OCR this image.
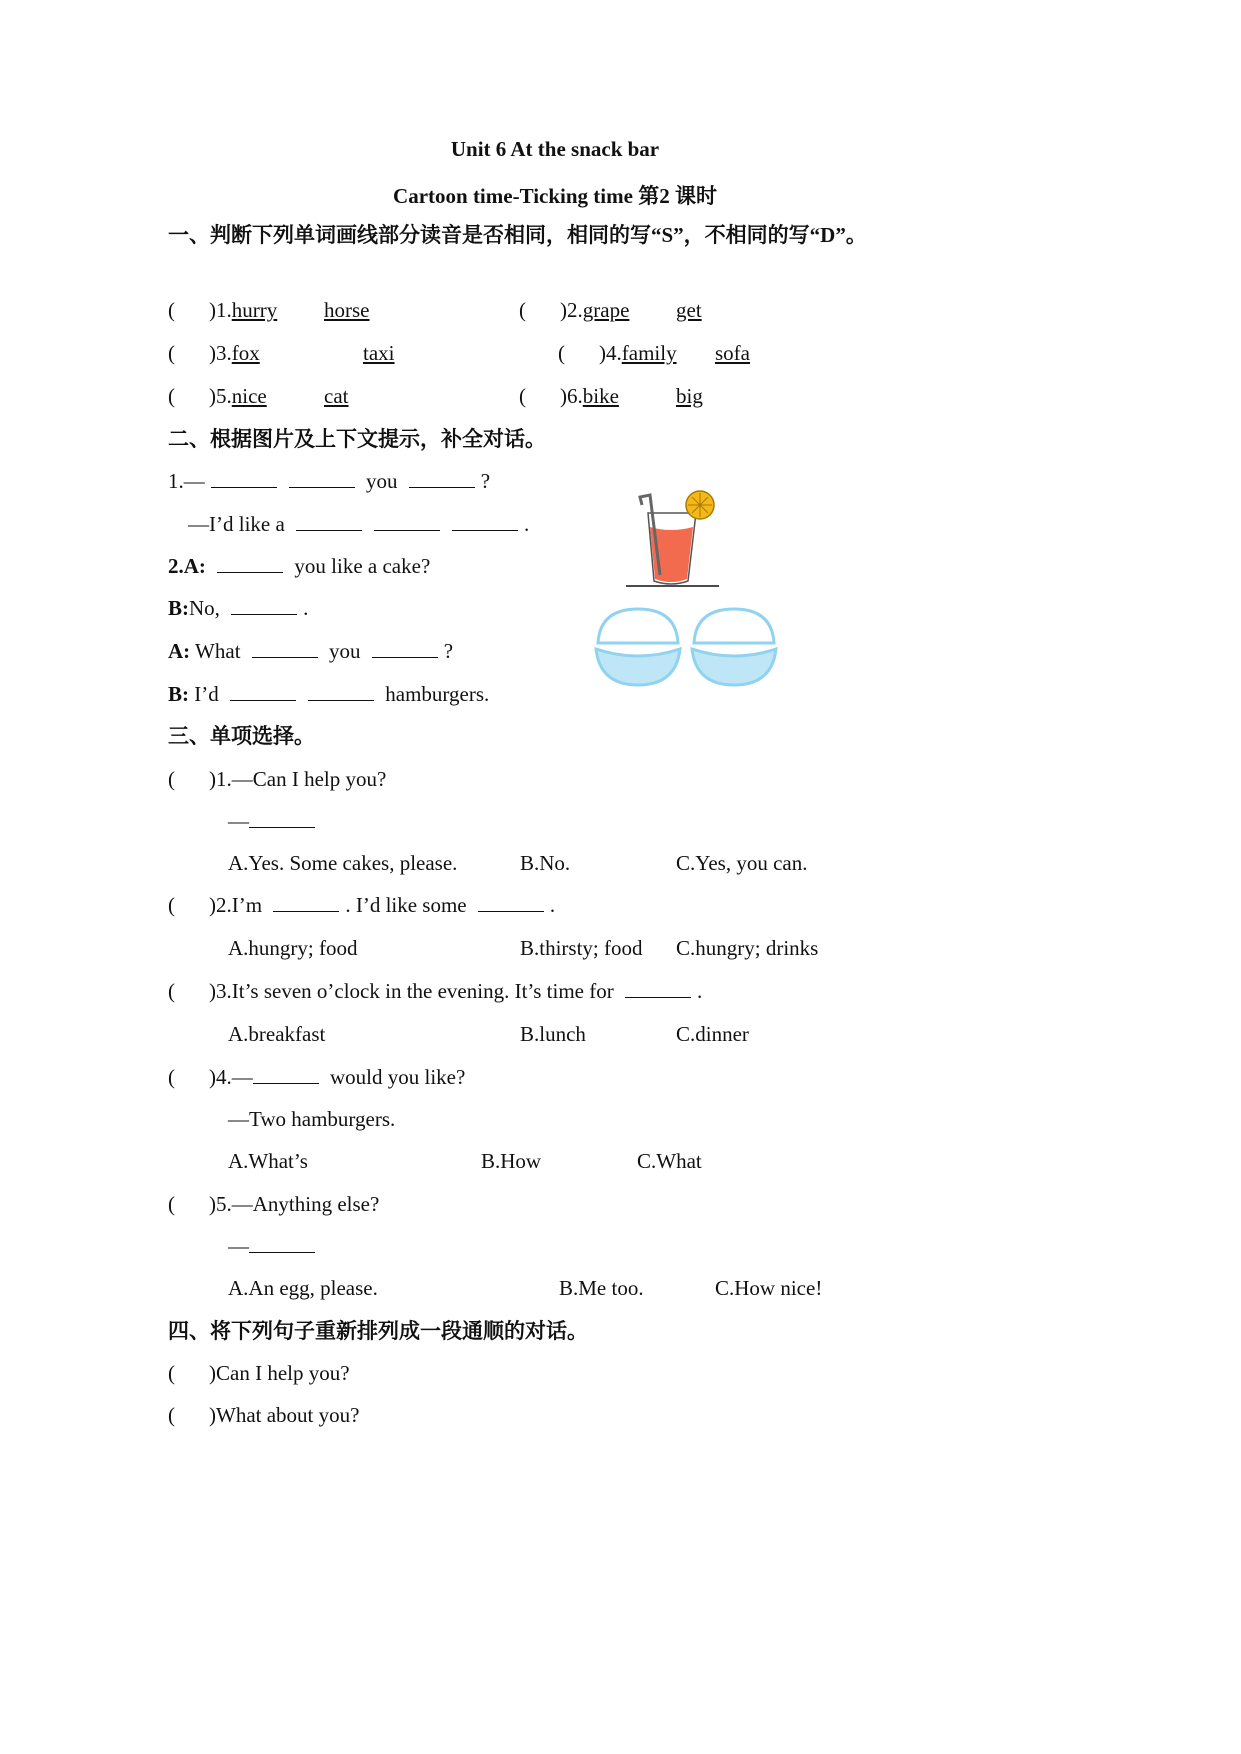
Unit 6 At the snack bar
Cartoon time-Ticking time 第2 课时
一、判断下列单词画线部分读音是否相同，相同的写“S”，不相同的写“D”。
( )1.hurry horse	( )2.grape get
( )3.fox	taxi	( )4.family sofa
( )5.nice	cat	( )6.bike	big
二、根据图片及上下文提示，补全对话。
1.—	you	?
—I’d like a	.
2.A:	you like a cake?
B:No,	.
A: What	you	?
B: I’d	hamburgers.
三、单项选择。
( )1.—Can I help you?
—
A.Yes. Some cakes, please.	B.No.	C.Yes, you can.
( )2.I’m	. I’d like some	.
A.hungry; food	B.thirsty; food C.hungry; drinks
( )3.It’s seven o’clock in the evening. It’s time for	.
A.breakfast	B.lunch	C.dinner
( )4.—	would you like?
—Two hamburgers.
A.What’s	B.How	C.What
( )5.—Anything else?
—
A.An egg, please.	B.Me too.	C.How nice!
四、将下列句子重新排列成一段通顺的对话。
( )Can I help you?
( )What about you?
